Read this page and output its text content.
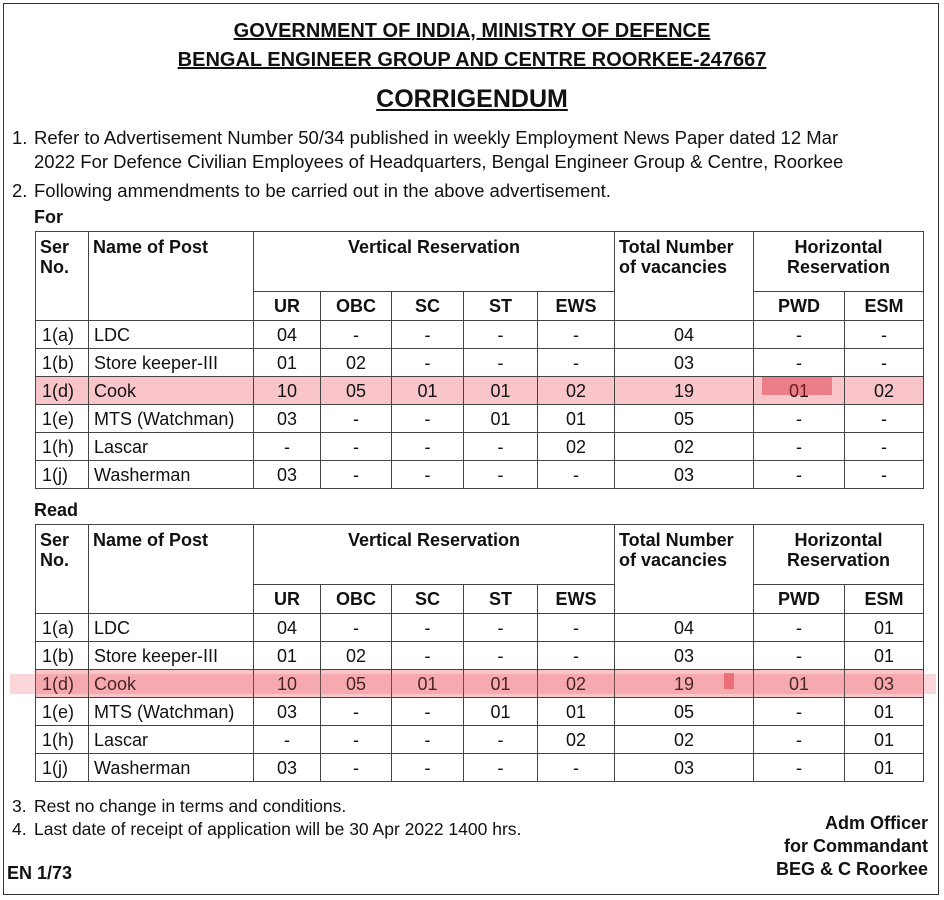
GOVERNMENT OF INDIA, MINISTRY OF DEFENCE
BENGAL ENGINEER GROUP AND CENTRE ROORKEE-247667
CORRIGENDUM
1. Refer to Advertisement Number 50/34 published in weekly Employment News Paper dated 12 Mar
2022 For Defence Civilian Employees of Headquarters, Bengal Engineer Group & Centre, Roorkee
2. Following ammendments to be carried out in the above advertisement.
For
Ser
No.	Name of Post	Vertical Reservation					Total Number
of vacancies	Horizontal
Reservation	
		UR	OBC	SC	ST	EWS		PWD	ESM
1(a)	LDC	04	-	-	-	-	04	-	-
1(b)	Store keeper-III	01	02	-	-	-	03	-	-
1(d)	Cook	10	05	01	01	02	19	01	02
1(e)	MTS (Watchman)	03	-	-	01	01	05	-	-
1(h)	Lascar	-	-	-	-	02	02	-	-
1(j)	Washerman	03	-	-	-	-	03	-	-
Read
Ser
No.	Name of Post	Vertical Reservation					Total Number
of vacancies	Horizontal
Reservation	
		UR	OBC	SC	ST	EWS		PWD	ESM
1(a)	LDC	04	-	-	-	-	04	-	01
1(b)	Store keeper-III	01	02	-	-	-	03	-	01
1(d)	Cook	10	05	01	01	02	19	01	03
1(e)	MTS (Watchman)	03	-	-	01	01	05	-	01
1(h)	Lascar	-	-	-	-	02	02	-	01
1(j)	Washerman	03	-	-	-	-	03	-	01
3. Rest no change in terms and conditions.
4. Last date of receipt of application will be 30 Apr 2022 1400 hrs.	Adm Officer
for Commandant
BEG & C Roorkee
EN 1/73
